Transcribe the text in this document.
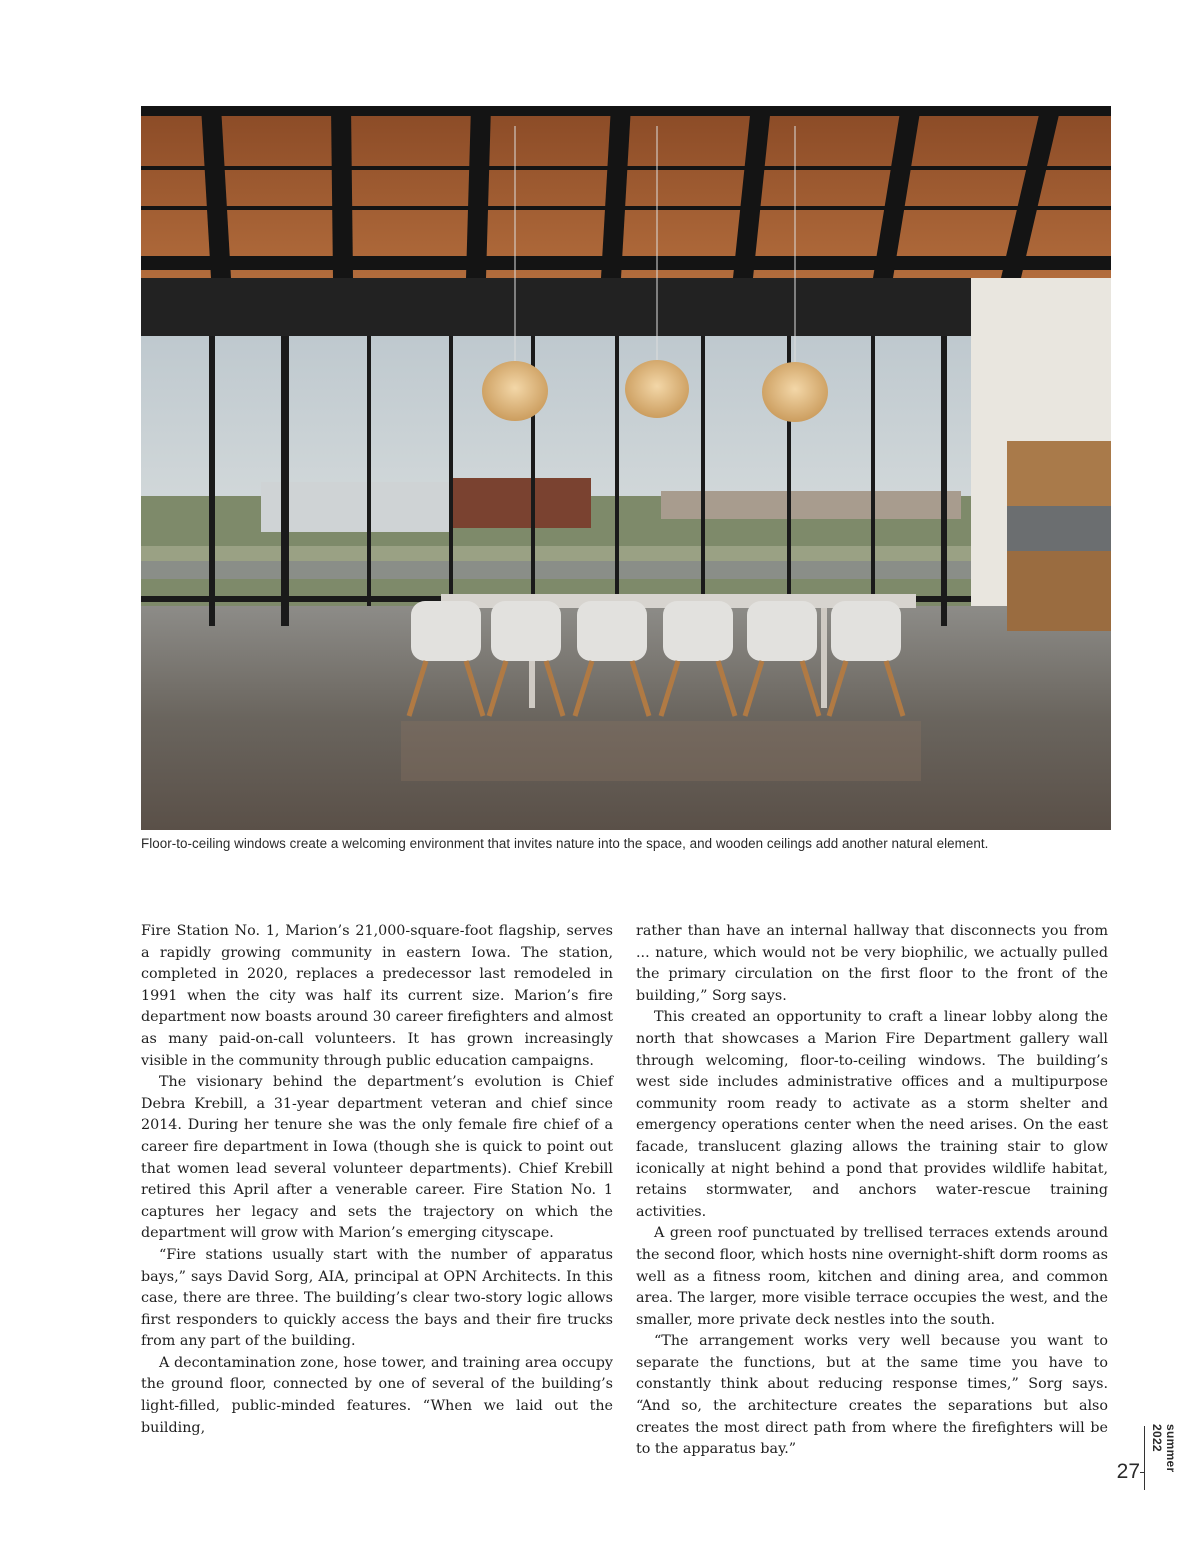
Floor-to-ceiling windows create a welcoming environment that invites nature into the space, and wooden ceilings add another natural element.

Fire Station No. 1, Marion’s 21,000-square-foot flagship, serves a rapidly growing community in eastern Iowa. The station, completed in 2020, replaces a predecessor last remodeled in 1991 when the city was half its current size. Marion’s fire department now boasts around 30 career firefighters and almost as many paid-on-call volunteers. It has grown increasingly visible in the community through public education campaigns.

The visionary behind the department’s evolution is Chief Debra Krebill, a 31-year department veteran and chief since 2014. During her tenure she was the only female fire chief of a career fire department in Iowa (though she is quick to point out that women lead several volunteer departments). Chief Krebill retired this April after a venerable career. Fire Station No. 1 captures her legacy and sets the trajectory on which the department will grow with Marion’s emerging cityscape.

“Fire stations usually start with the number of apparatus bays,” says David Sorg, AIA, principal at OPN Architects. In this case, there are three. The building’s clear two-story logic allows first responders to quickly access the bays and their fire trucks from any part of the building.

A decontamination zone, hose tower, and training area occupy the ground floor, connected by one of several of the building’s light-filled, public-minded features. “When we laid out the building,

rather than have an internal hallway that disconnects you from ... nature, which would not be very biophilic, we actually pulled the primary circulation on the first floor to the front of the building,” Sorg says.

This created an opportunity to craft a linear lobby along the north that showcases a Marion Fire Department gallery wall through welcoming, floor-to-ceiling windows. The building’s west side includes administrative offices and a multipurpose community room ready to activate as a storm shelter and emergency operations center when the need arises. On the east facade, translucent glazing allows the training stair to glow iconically at night behind a pond that provides wildlife habitat, retains stormwater, and anchors water-rescue training activities.

A green roof punctuated by trellised terraces extends around the second floor, which hosts nine overnight-shift dorm rooms as well as a fitness room, kitchen and dining area, and common area. The larger, more visible terrace occupies the west, and the smaller, more private deck nestles into the south.

“The arrangement works very well because you want to separate the functions, but at the same time you have to constantly think about reducing response times,” Sorg says. “And so, the architecture creates the separations but also creates the most direct path from where the firefighters will be to the apparatus bay.”

27	summer 2022
